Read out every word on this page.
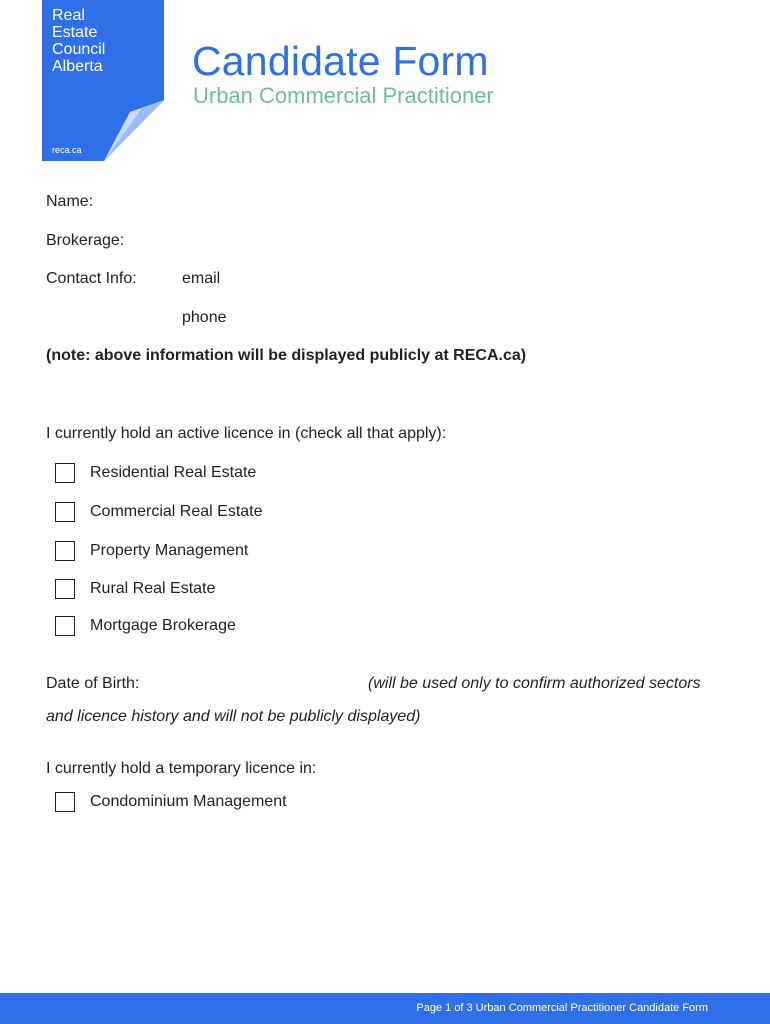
Real
Estate
Council
Alberta
reca.ca
Candidate Form
Urban Commercial Practitioner
Name:
Brokerage:
Contact Info:	email
phone
(note: above information will be displayed publicly at RECA.ca)
I currently hold an active licence in (check all that apply):
Residential Real Estate
Commercial Real Estate
Property Management
Rural Real Estate
Mortgage Brokerage
Date of Birth:	(will be used only to confirm authorized sectors
and licence history and will not be publicly displayed)
I currently hold a temporary licence in:
Condominium Management
Page 1 of 3 Urban Commercial Practitioner Candidate Form
